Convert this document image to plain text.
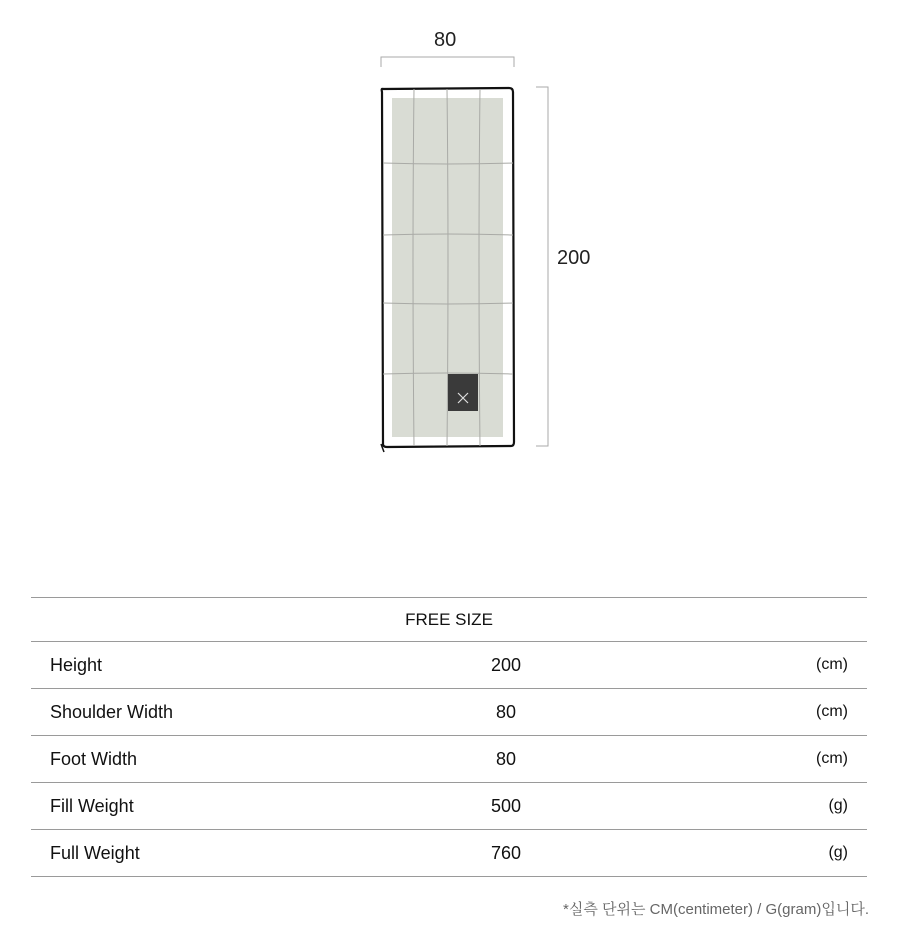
80
200
FREE SIZE		
Height	200	(cm)
Shoulder Width	80	(cm)
Foot Width	80	(cm)
Fill Weight	500	(g)
Full Weight	760	(g)
*실측 단위는 CM(centimeter) / G(gram)입니다.
